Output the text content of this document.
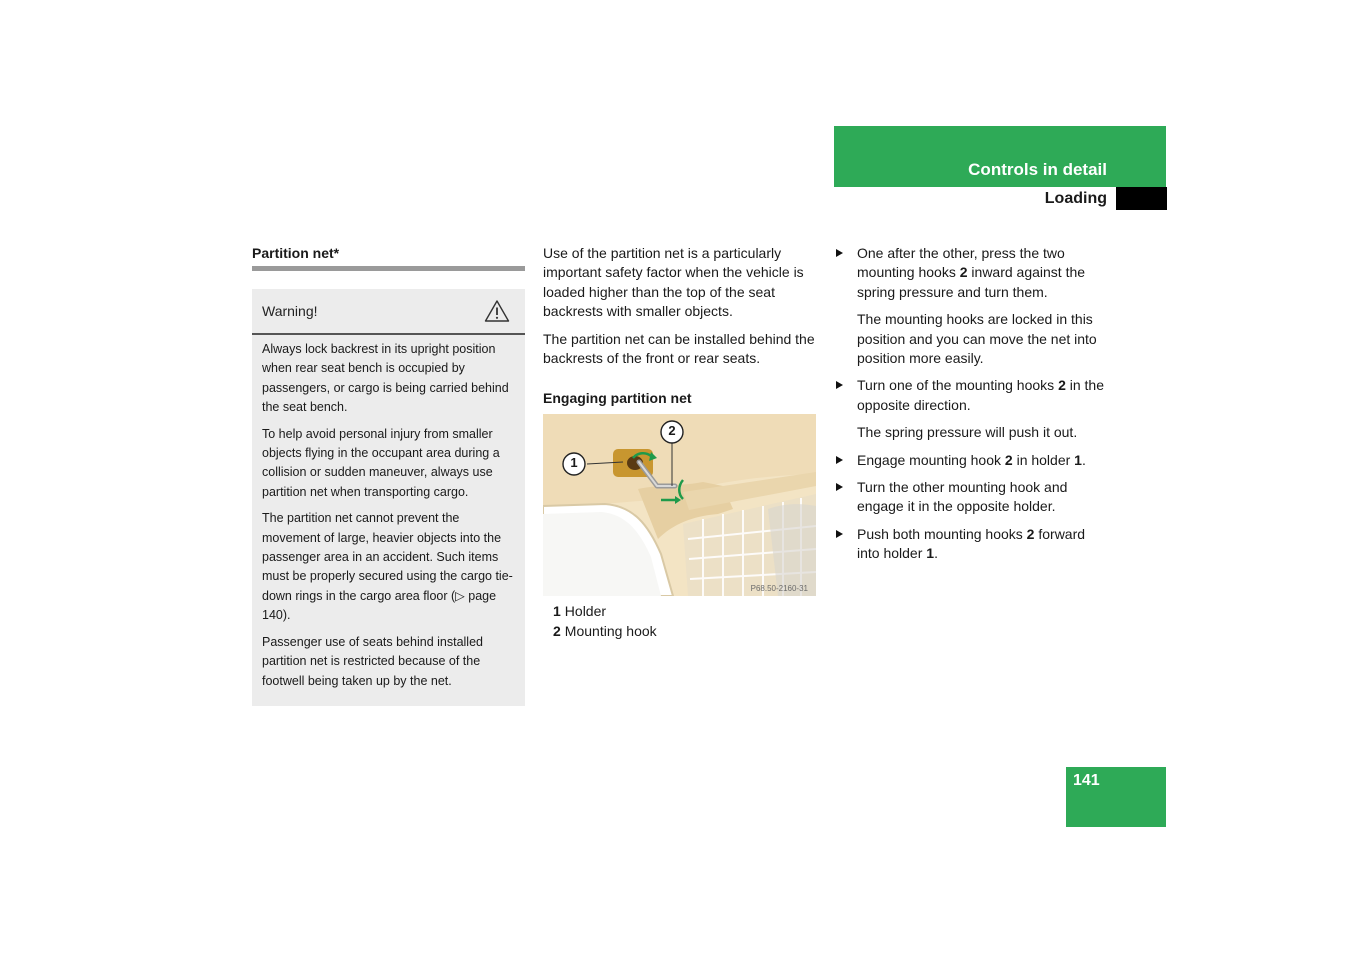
Controls in detail

Loading

Partition net*
Warning!

Always lock backrest in its upright position when rear seat bench is occupied by passengers, or cargo is being carried behind the seat bench.

To help avoid personal injury from smaller objects flying in the occupant area during a collision or sudden maneuver, always use partition net when transporting cargo.

The partition net cannot prevent the movement of large, heavier objects into the passenger area in an accident. Such items must be properly secured using the cargo tie-down rings in the cargo area floor (▷ page 140).

Passenger use of seats behind installed partition net is restricted because of the footwell being taken up by the net.

Use of the partition net is a particularly important safety factor when the vehicle is loaded higher than the top of the seat backrests with smaller objects.

The partition net can be installed behind the backrests of the front or rear seats.

Engaging partition net
1
2
P68.50-2160-31
1 Holder
2 Mounting hook

One after the other, press the two mounting hooks 2 inward against the spring pressure and turn them.

The mounting hooks are locked in this position and you can move the net into position more easily.

Turn one of the mounting hooks 2 in the opposite direction.

The spring pressure will push it out.

Engage mounting hook 2 in holder 1.

Turn the other mounting hook and engage it in the opposite holder.

Push both mounting hooks 2 forward into holder 1.

141
